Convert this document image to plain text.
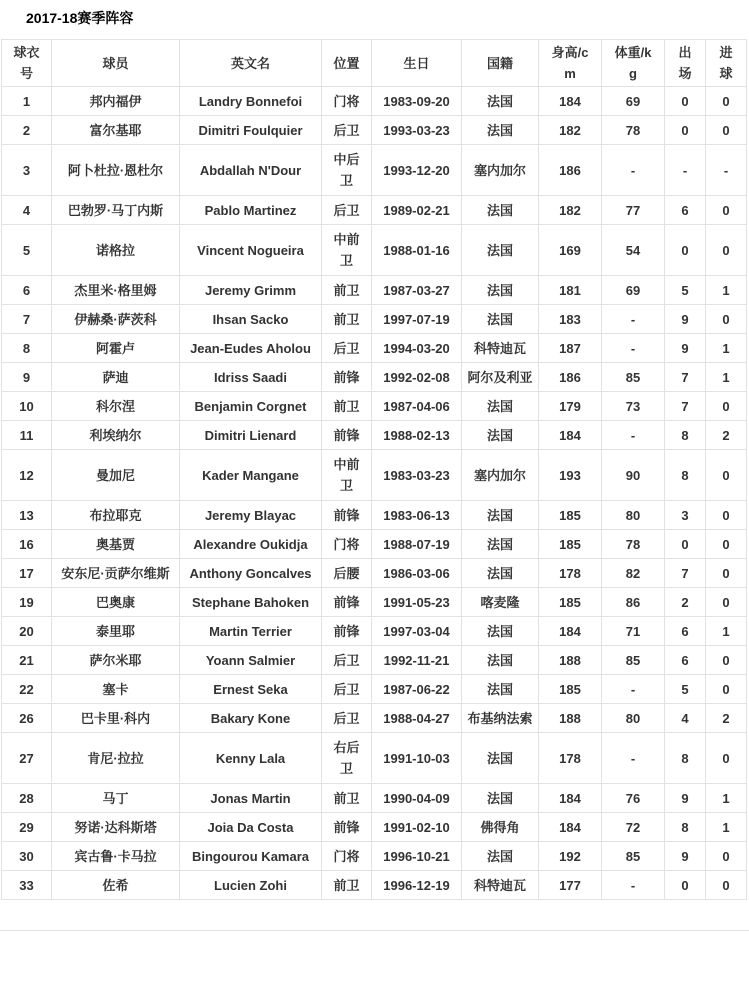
2017-18赛季阵容
球衣号	球员	英文名	位置	生日	国籍	身高/cm	体重/kg	出场	进球
1	邦内福伊	Landry Bonnefoi	门将	1983-09-20	法国	184	69	0	0
2	富尔基耶	Dimitri Foulquier	后卫	1993-03-23	法国	182	78	0	0
3	阿卜杜拉·恩杜尔	Abdallah N'Dour	中后卫	1993-12-20	塞内加尔	186	-	-	-
4	巴勃罗·马丁内斯	Pablo Martinez	后卫	1989-02-21	法国	182	77	6	0
5	诺格拉	Vincent Nogueira	中前卫	1988-01-16	法国	169	54	0	0
6	杰里米·格里姆	Jeremy Grimm	前卫	1987-03-27	法国	181	69	5	1
7	伊赫桑·萨茨科	Ihsan Sacko	前卫	1997-07-19	法国	183	-	9	0
8	阿霍卢	Jean-Eudes Aholou	后卫	1994-03-20	科特迪瓦	187	-	9	1
9	萨迪	Idriss Saadi	前锋	1992-02-08	阿尔及利亚	186	85	7	1
10	科尔涅	Benjamin Corgnet	前卫	1987-04-06	法国	179	73	7	0
11	利埃纳尔	Dimitri Lienard	前锋	1988-02-13	法国	184	-	8	2
12	曼加尼	Kader Mangane	中前卫	1983-03-23	塞内加尔	193	90	8	0
13	布拉耶克	Jeremy Blayac	前锋	1983-06-13	法国	185	80	3	0
16	奥基贾	Alexandre Oukidja	门将	1988-07-19	法国	185	78	0	0
17	安东尼·贡萨尔维斯	Anthony Goncalves	后腰	1986-03-06	法国	178	82	7	0
19	巴奥康	Stephane Bahoken	前锋	1991-05-23	喀麦隆	185	86	2	0
20	泰里耶	Martin Terrier	前锋	1997-03-04	法国	184	71	6	1
21	萨尔米耶	Yoann Salmier	后卫	1992-11-21	法国	188	85	6	0
22	塞卡	Ernest Seka	后卫	1987-06-22	法国	185	-	5	0
26	巴卡里·科内	Bakary Kone	后卫	1988-04-27	布基纳法索	188	80	4	2
27	肯尼·拉拉	Kenny Lala	右后卫	1991-10-03	法国	178	-	8	0
28	马丁	Jonas Martin	前卫	1990-04-09	法国	184	76	9	1
29	努诺·达科斯塔	Joia Da Costa	前锋	1991-02-10	佛得角	184	72	8	1
30	宾古鲁·卡马拉	Bingourou Kamara	门将	1996-10-21	法国	192	85	9	0
33	佐希	Lucien Zohi	前卫	1996-12-19	科特迪瓦	177	-	0	0
